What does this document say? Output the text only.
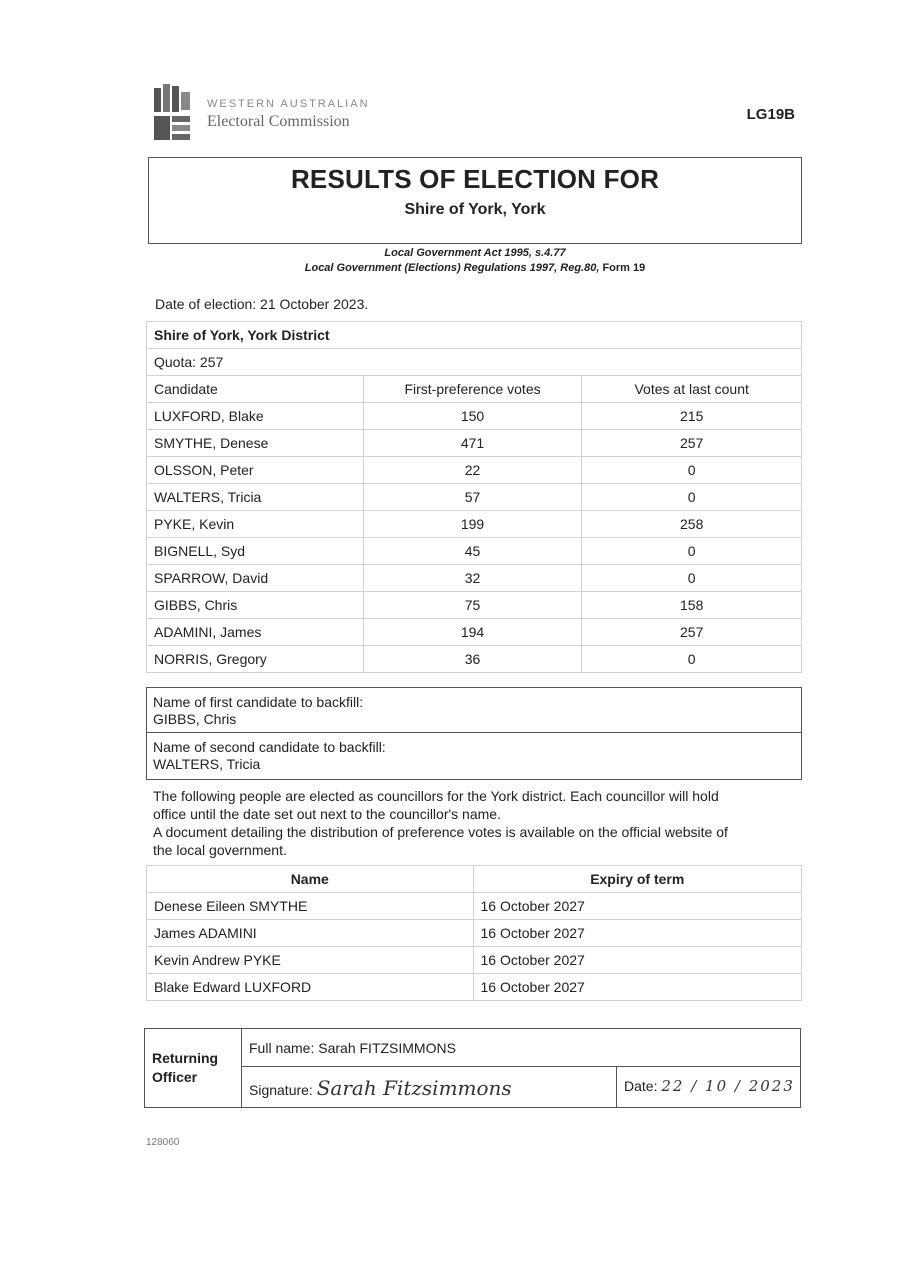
WESTERN AUSTRALIAN
Electoral Commission	LG19B
RESULTS OF ELECTION FOR
Shire of York, York
Local Government Act 1995, s.4.77
Local Government (Elections) Regulations 1997, Reg.80, Form 19
Date of election: 21 October 2023.
Shire of York, York District		
Quota: 257		
Candidate	First-preference votes	Votes at last count
LUXFORD, Blake	150	215
SMYTHE, Denese	471	257
OLSSON, Peter	22	0
WALTERS, Tricia	57	0
PYKE, Kevin	199	258
BIGNELL, Syd	45	0
SPARROW, David	32	0
GIBBS, Chris	75	158
ADAMINI, James	194	257
NORRIS, Gregory	36	0
Name of first candidate to backfill:
GIBBS, Chris
Name of second candidate to backfill:
WALTERS, Tricia
The following people are elected as councillors for the York district. Each councillor will hold
office until the date set out next to the councillor's name.
A document detailing the distribution of preference votes is available on the official website of
the local government.
Name	Expiry of term
Denese Eileen SMYTHE	16 October 2027
James ADAMINI	16 October 2027
Kevin Andrew PYKE	16 October 2027
Blake Edward LUXFORD	16 October 2027
Returning
Officer
Full name: Sarah FITZSIMMONS
Signature: Sarah Fitzsimmons	Date: 22 / 10 / 2023
128060
